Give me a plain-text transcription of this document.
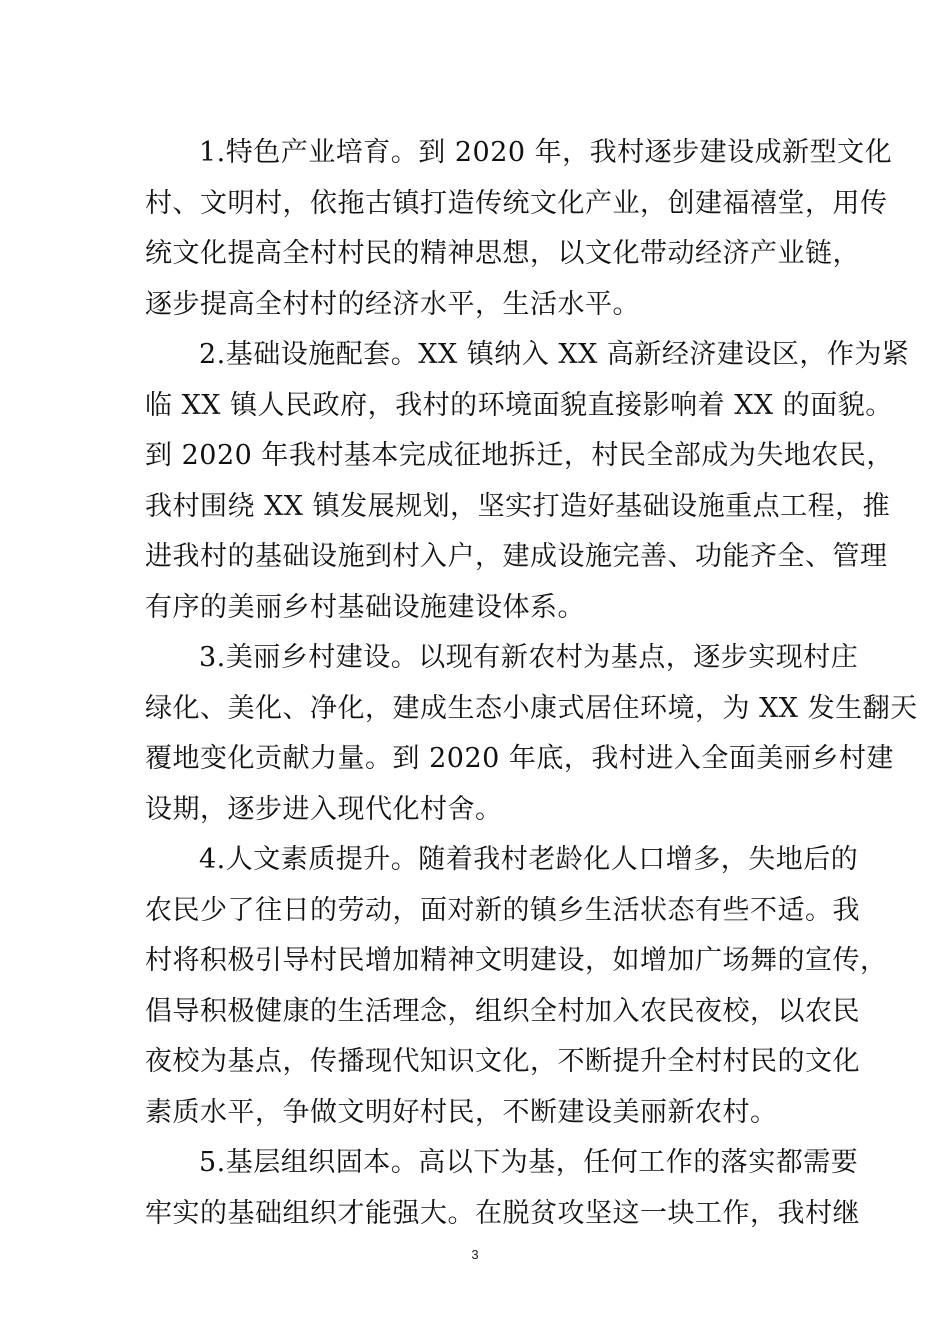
1.特色产业培育。到 2020 年，我村逐步建设成新型文化
村、文明村，依拖古镇打造传统文化产业，创建福禧堂，用传
统文化提高全村村民的精神思想，以文化带动经济产业链，
逐步提高全村村的经济水平，生活水平。
2.基础设施配套。XX 镇纳入 XX 高新经济建设区，作为紧
临 XX 镇人民政府，我村的环境面貌直接影响着 XX 的面貌。
到 2020 年我村基本完成征地拆迁，村民全部成为失地农民，
我村围绕 XX 镇发展规划，坚实打造好基础设施重点工程，推
进我村的基础设施到村入户，建成设施完善、功能齐全、管理
有序的美丽乡村基础设施建设体系。
3.美丽乡村建设。以现有新农村为基点，逐步实现村庄
绿化、美化、净化，建成生态小康式居住环境，为 XX 发生翻天
覆地变化贡献力量。到 2020 年底，我村进入全面美丽乡村建
设期，逐步进入现代化村舍。
4.人文素质提升。随着我村老龄化人口增多，失地后的
农民少了往日的劳动，面对新的镇乡生活状态有些不适。我
村将积极引导村民增加精神文明建设，如增加广场舞的宣传，
倡导积极健康的生活理念，组织全村加入农民夜校，以农民
夜校为基点，传播现代知识文化，不断提升全村村民的文化
素质水平，争做文明好村民，不断建设美丽新农村。
5.基层组织固本。高以下为基，任何工作的落实都需要
牢实的基础组织才能强大。在脱贫攻坚这一块工作，我村继
3
